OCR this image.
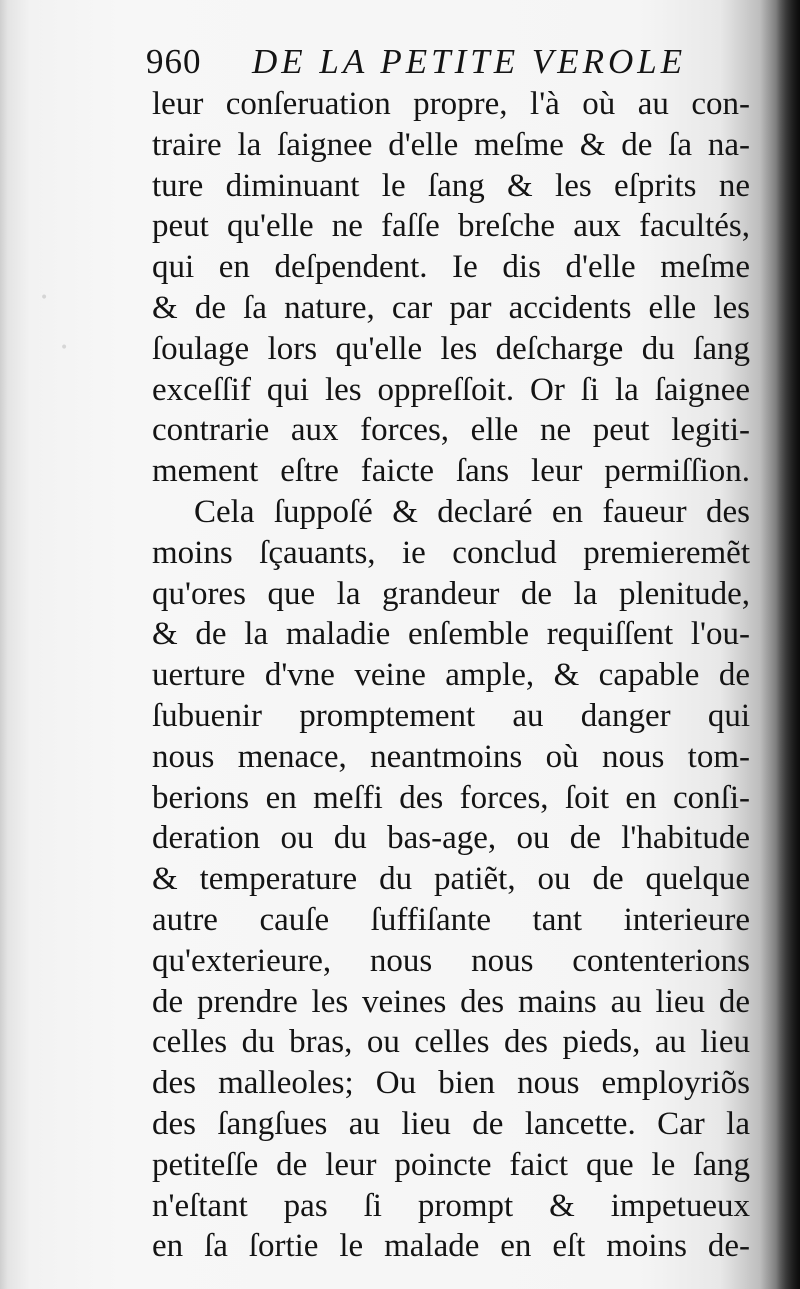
•
•
960 DE LA PETITE VEROLE
leur conſeruation propre, l'à où au con-
traire la ſaignee d'elle meſme & de ſa na-
ture diminuant le ſang & les eſprits ne
peut qu'elle ne faſſe breſche aux facultés,
qui en deſpendent. Ie dis d'elle meſme
& de ſa nature, car par accidents elle les
ſoulage lors qu'elle les deſcharge du ſang
exceſſif qui les oppreſſoit. Or ſi la ſaignee
contrarie aux forces, elle ne peut legiti-
mement eſtre faicte ſans leur permiſſion.
Cela ſuppoſé & declaré en faueur des
moins ſçauants, ie conclud premieremẽt
qu'ores que la grandeur de la plenitude,
& de la maladie enſemble requiſſent l'ou-
uerture d'vne veine ample, & capable de
ſubuenir promptement au danger qui
nous menace, neantmoins où nous tom-
berions en meſfi des forces, ſoit en conſi-
deration ou du bas-age, ou de l'habitude
& temperature du patiẽt, ou de quelque
autre cauſe ſuffiſante tant interieure
qu'exterieure, nous nous contenterions
de prendre les veines des mains au lieu de
celles du bras, ou celles des pieds, au lieu
des malleoles; Ou bien nous employriõs
des ſangſues au lieu de lancette. Car la
petiteſſe de leur poincte faict que le ſang
n'eſtant pas ſi prompt & impetueux
en ſa ſortie le malade en eſt moins de-
